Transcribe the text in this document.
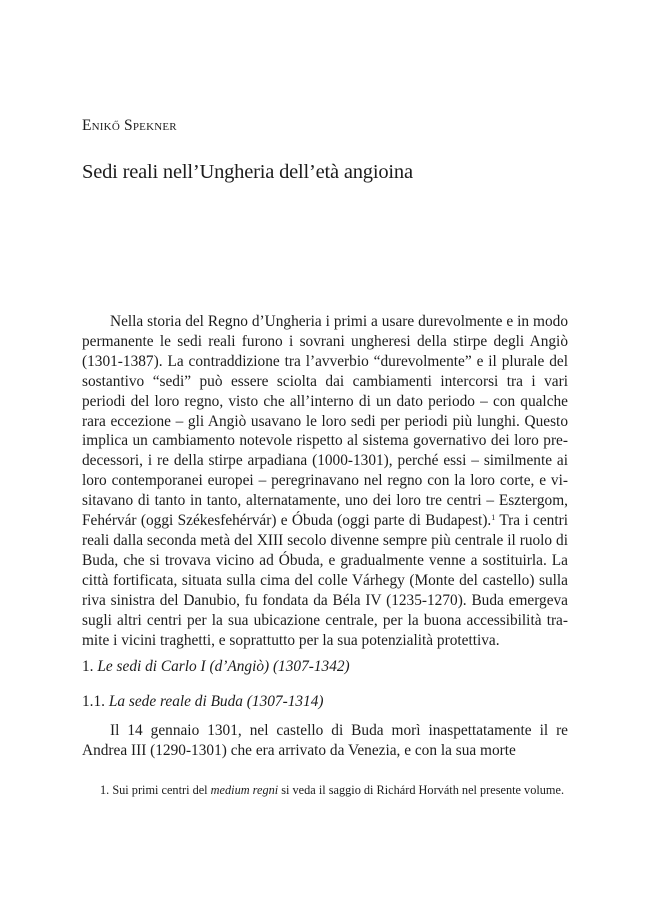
Enikő Spekner
Sedi reali nell’Ungheria dell’età angioina

Nella storia del Regno d’Ungheria i primi a usare durevolmente e in modo permanente le sedi reali furono i sovrani ungheresi della stirpe degli Angiò (1301-1387). La contraddizione tra l’avverbio “durevolmente” e il plurale del sostantivo “sedi” può essere sciolta dai cambiamenti intercorsi tra i vari periodi del loro regno, visto che all’interno di un dato periodo – con qualche rara eccezione – gli Angiò usavano le loro sedi per periodi più lunghi. Questo implica un cambiamento notevole rispetto al sistema governativo dei loro predecessori, i re della stirpe arpadiana (1000-1301), perché essi – similmente ai loro contemporanei europei – peregrinavano nel regno con la loro corte, e visitavano di tanto in tanto, alternatamente, uno dei loro tre centri – Esztergom, Fehérvár (oggi Székesfehérvár) e Óbuda (oggi parte di Budapest).$^1$ Tra i centri reali dalla seconda metà del XIII secolo divenne sempre più centrale il ruolo di Buda, che si trovava vicino ad Óbuda, e gradualmente venne a sostituirla. La città fortificata, situata sulla cima del colle Várhegy (Monte del castello) sulla riva sinistra del Danubio, fu fondata da Béla IV (1235-1270). Buda emergeva sugli altri centri per la sua ubicazione centrale, per la buona accessibilità tramite i vicini traghetti, e soprattutto per la sua potenzialità protettiva.

1. Le sedi di Carlo I (d’Angiò) (1307-1342)
1.1. La sede reale di Buda (1307-1314)

Il 14 gennaio 1301, nel castello di Buda morì inaspettatamente il re Andrea III (1290-1301) che era arrivato da Venezia, e con la sua morte

1. Sui primi centri del medium regni si veda il saggio di Richárd Horváth nel presente volume.
